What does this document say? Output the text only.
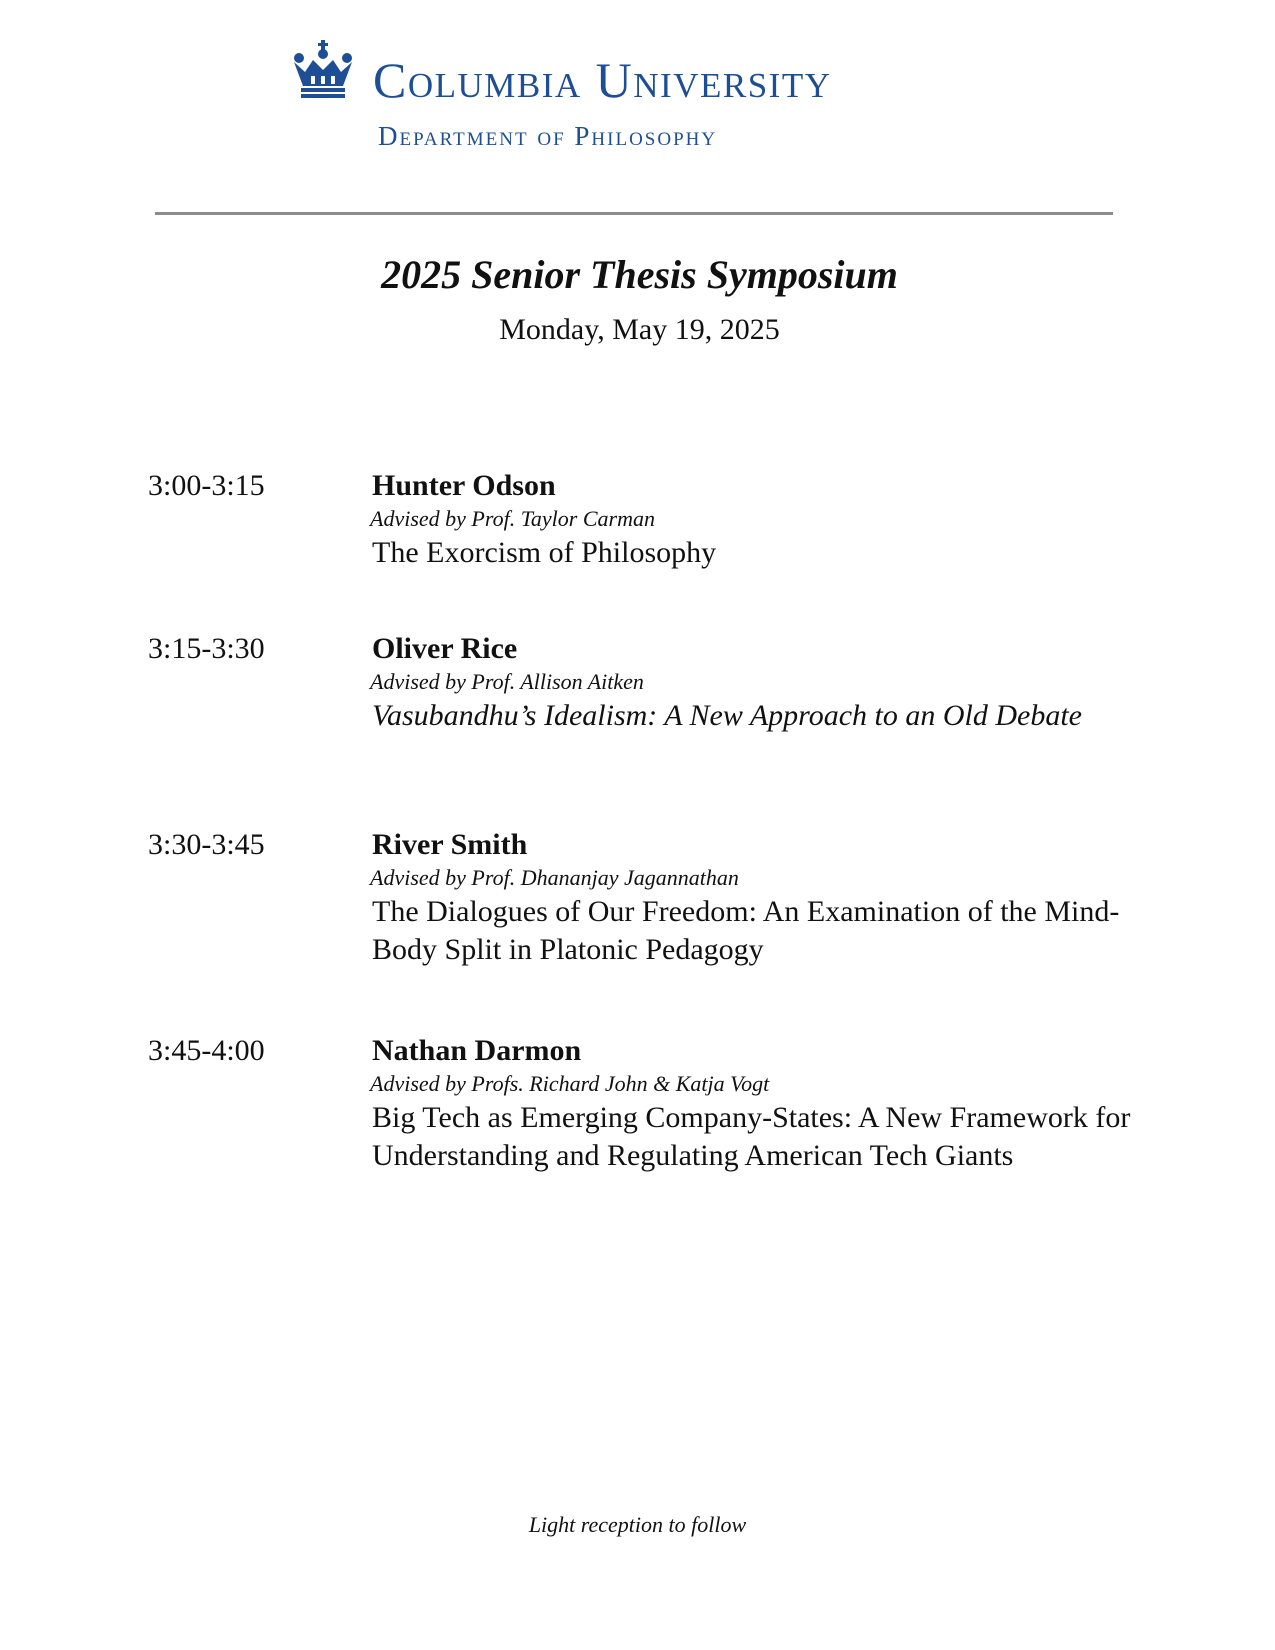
Columbia University
Department of Philosophy
2025 Senior Thesis Symposium
Monday, May 19, 2025
3:00-3:15	Hunter Odson
Advised by Prof. Taylor Carman
The Exorcism of Philosophy
3:15-3:30	Oliver Rice
Advised by Prof. Allison Aitken
Vasubandhu’s Idealism: A New Approach to an Old Debate
3:30-3:45	River Smith
Advised by Prof. Dhananjay Jagannathan
The Dialogues of Our Freedom: An Examination of the Mind-Body Split in Platonic Pedagogy
3:45-4:00	Nathan Darmon
Advised by Profs. Richard John & Katja Vogt
Big Tech as Emerging Company-States: A New Framework for Understanding and Regulating American Tech Giants
Light reception to follow
